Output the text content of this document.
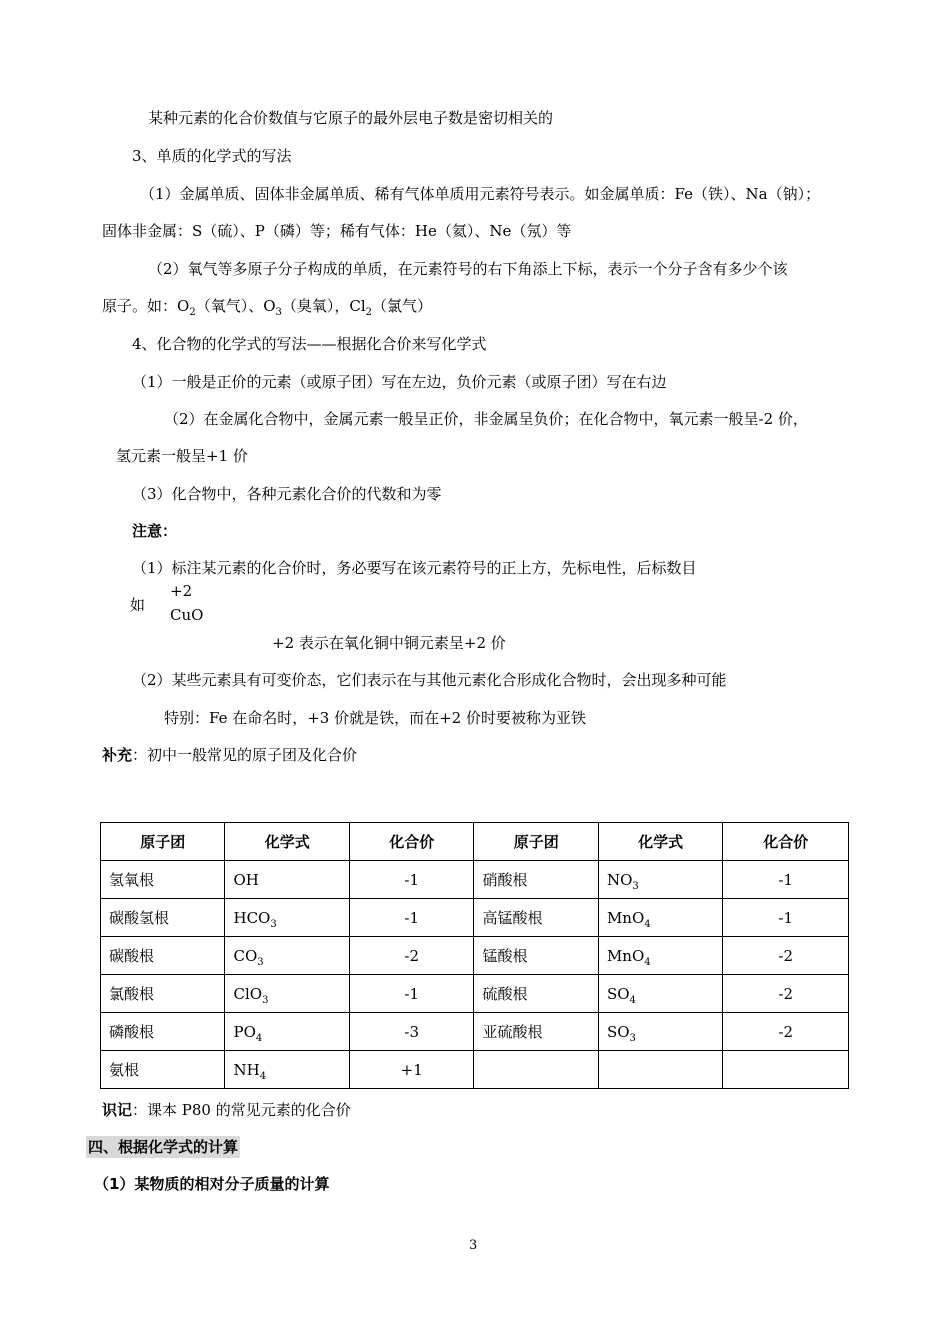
某种元素的化合价数值与它原子的最外层电子数是密切相关的
3、单质的化学式的写法
（1）金属单质、固体非金属单质、稀有气体单质用元素符号表示。如金属单质：Fe（铁）、Na（钠）；
固体非金属：S（硫）、P（磷）等；稀有气体：He（氦）、Ne（氖）等
（2）氧气等多原子分子构成的单质，在元素符号的右下角添上下标，表示一个分子含有多少个该
原子。如：$O_2$（氧气）、$O_3$（臭氧），$Cl_2$（氯气）
4、化合物的化学式的写法——根据化合价来写化学式
（1）一般是正价的元素（或原子团）写在左边，负价元素（或原子团）写在右边
（2）在金属化合物中，金属元素一般呈正价，非金属呈负价；在化合物中，氧元素一般呈-2 价，
氢元素一般呈+1 价
（3）化合物中，各种元素化合价的代数和为零
注意：
（1）标注某元素的化合价时，务必要写在该元素符号的正上方，先标电性，后标数目
如
+2
CuO
+2 表示在氧化铜中铜元素呈+2 价
（2）某些元素具有可变价态，它们表示在与其他元素化合形成化合物时，会出现多种可能
特别：Fe 在命名时，+3 价就是铁，而在+2 价时要被称为亚铁
补充：初中一般常见的原子团及化合价
原子团	化学式	化合价	原子团	化学式	化合价
氢氧根	OH	-1	硝酸根	$NO_3$	-1
碳酸氢根	$HCO_3$	-1	高锰酸根	MnO$_4$	-1
碳酸根	$CO_3$	-2	锰酸根	MnO$_4$	-2
氯酸根	ClO$_3$	-1	硫酸根	$SO_4$	-2
磷酸根	$PO_4$	-3	亚硫酸根	$SO_3$	-2
氨根	$NH_4$	+1			
识记：课本 P80 的常见元素的化合价
四、根据化学式的计算
（1）某物质的相对分子质量的计算
3
